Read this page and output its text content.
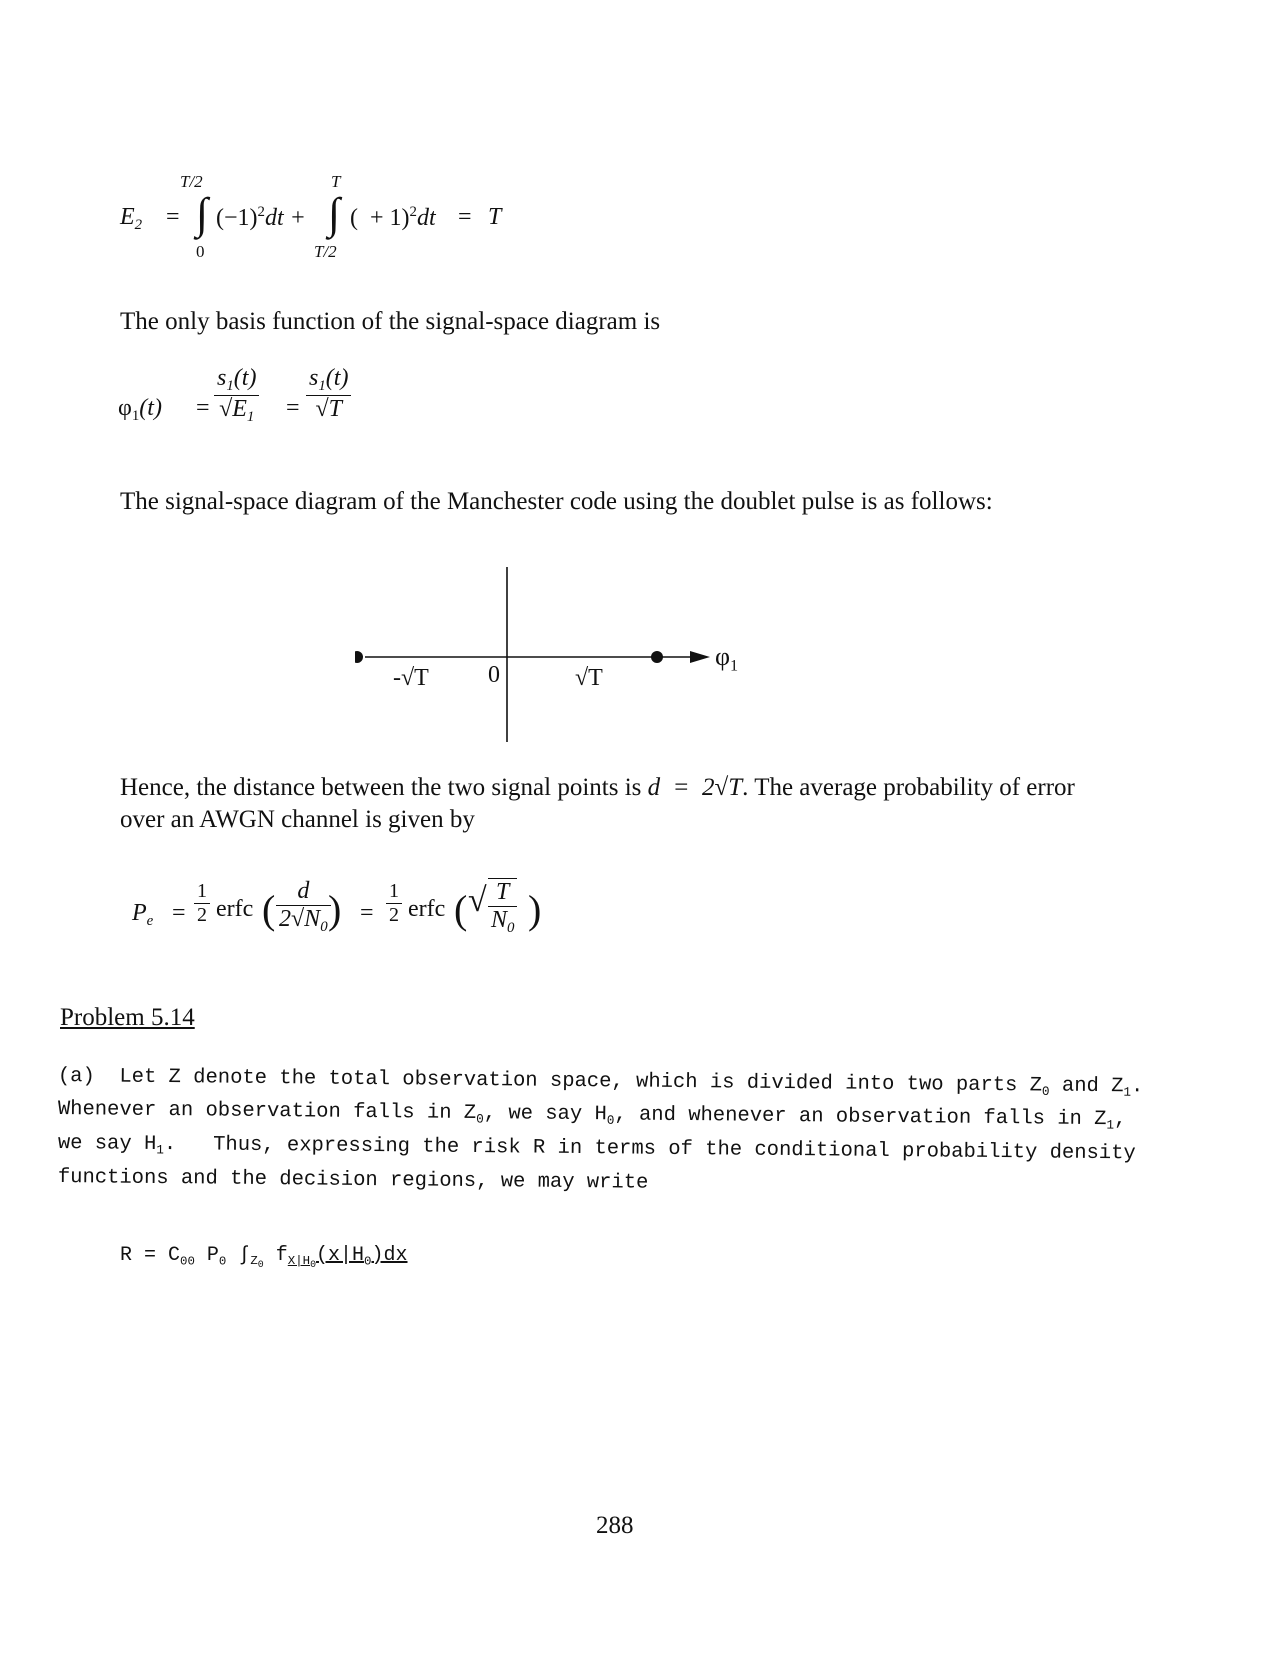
$E_2$ =
T/2
∫
0
$(-1)^2dt$ +
T
∫
T/2
(  + 1)$^2$dt = T
The only basis function of the signal-space diagram is
$\varphi_1(t) = \frac{s_1(t)}{√E_1} = \frac{s_1(t)}{√T}$
The signal-space diagram of the Manchester code using the doublet pulse is as follows:
-√T 0	√T
$\varphi_1$
Hence, the distance between the two signal points is d  =  2√T. The average probability of error
over an AWGN channel is given by
$P_e = \frac{1}{2}$ erfc ( $\frac{d}{2√N_0}$
) = $\frac{1}{2}$ erfc ( √ $\frac{T}{N_0}$ )
Problem 5.14
(a)  Let Z denote the total observation space, which is divided into two parts $Z_0$ and $Z_1$.
Whenever an observation falls in $Z_0$, we say $H_0$, and whenever an observation falls in $Z_1$,
we say $H_1$.   Thus, expressing the risk R in terms of the conditional probability density
functions and the decision regions, we may write
$R = C_{00}$ $P_0$ $\int_{Z_0}$ $f_{X|H_0}(x|H_0)dx$
288
